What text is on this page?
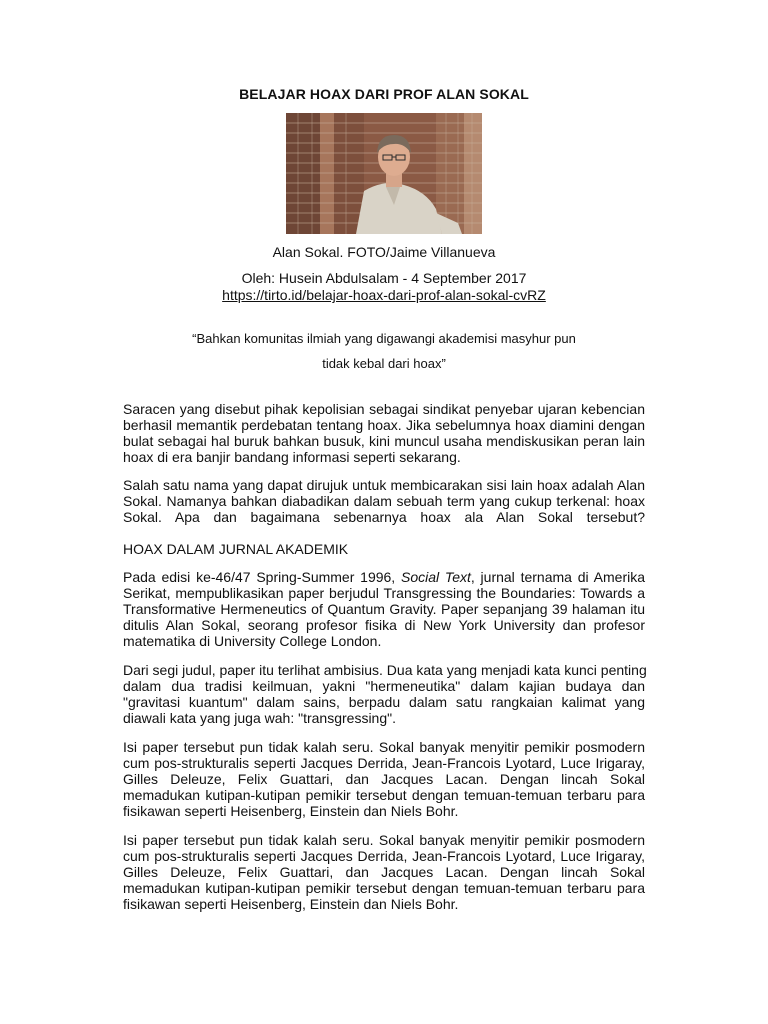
BELAJAR HOAX DARI PROF ALAN SOKAL
Alan Sokal. FOTO/Jaime Villanueva
Oleh: Husein Abdulsalam - 4 September 2017
https://tirto.id/belajar-hoax-dari-prof-alan-sokal-cvRZ
“Bahkan komunitas ilmiah yang digawangi akademisi masyhur pun
tidak kebal dari hoax”
Saracen yang disebut pihak kepolisian sebagai sindikat penyebar ujaran kebencian
berhasil memantik perdebatan tentang hoax. Jika sebelumnya hoax diamini dengan
bulat sebagai hal buruk bahkan busuk, kini muncul usaha mendiskusikan peran lain
hoax di era banjir bandang informasi seperti sekarang.
Salah satu nama yang dapat dirujuk untuk membicarakan sisi lain hoax adalah Alan
Sokal. Namanya bahkan diabadikan dalam sebuah term yang cukup terkenal: hoax
Sokal. Apa dan bagaimana sebenarnya hoax ala Alan Sokal tersebut?
HOAX DALAM JURNAL AKADEMIK
Pada edisi ke-46/47 Spring-Summer 1996, Social Text, jurnal ternama di Amerika
Serikat, mempublikasikan paper berjudul Transgressing the Boundaries: Towards a
Transformative Hermeneutics of Quantum Gravity. Paper sepanjang 39 halaman itu
ditulis Alan Sokal, seorang profesor fisika di New York University dan profesor
matematika di University College London.
Dari segi judul, paper itu terlihat ambisius. Dua kata yang menjadi kata kunci penting
dalam dua tradisi keilmuan, yakni "hermeneutika" dalam kajian budaya dan
"gravitasi kuantum" dalam sains, berpadu dalam satu rangkaian kalimat yang
diawali kata yang juga wah: "transgressing".
Isi paper tersebut pun tidak kalah seru. Sokal banyak menyitir pemikir posmodern
cum pos-strukturalis seperti Jacques Derrida, Jean-Francois Lyotard, Luce Irigaray,
Gilles Deleuze, Felix Guattari, dan Jacques Lacan. Dengan lincah Sokal
memadukan kutipan-kutipan pemikir tersebut dengan temuan-temuan terbaru para
fisikawan seperti Heisenberg, Einstein dan Niels Bohr.
Isi paper tersebut pun tidak kalah seru. Sokal banyak menyitir pemikir posmodern
cum pos-strukturalis seperti Jacques Derrida, Jean-Francois Lyotard, Luce Irigaray,
Gilles Deleuze, Felix Guattari, dan Jacques Lacan. Dengan lincah Sokal
memadukan kutipan-kutipan pemikir tersebut dengan temuan-temuan terbaru para
fisikawan seperti Heisenberg, Einstein dan Niels Bohr.
